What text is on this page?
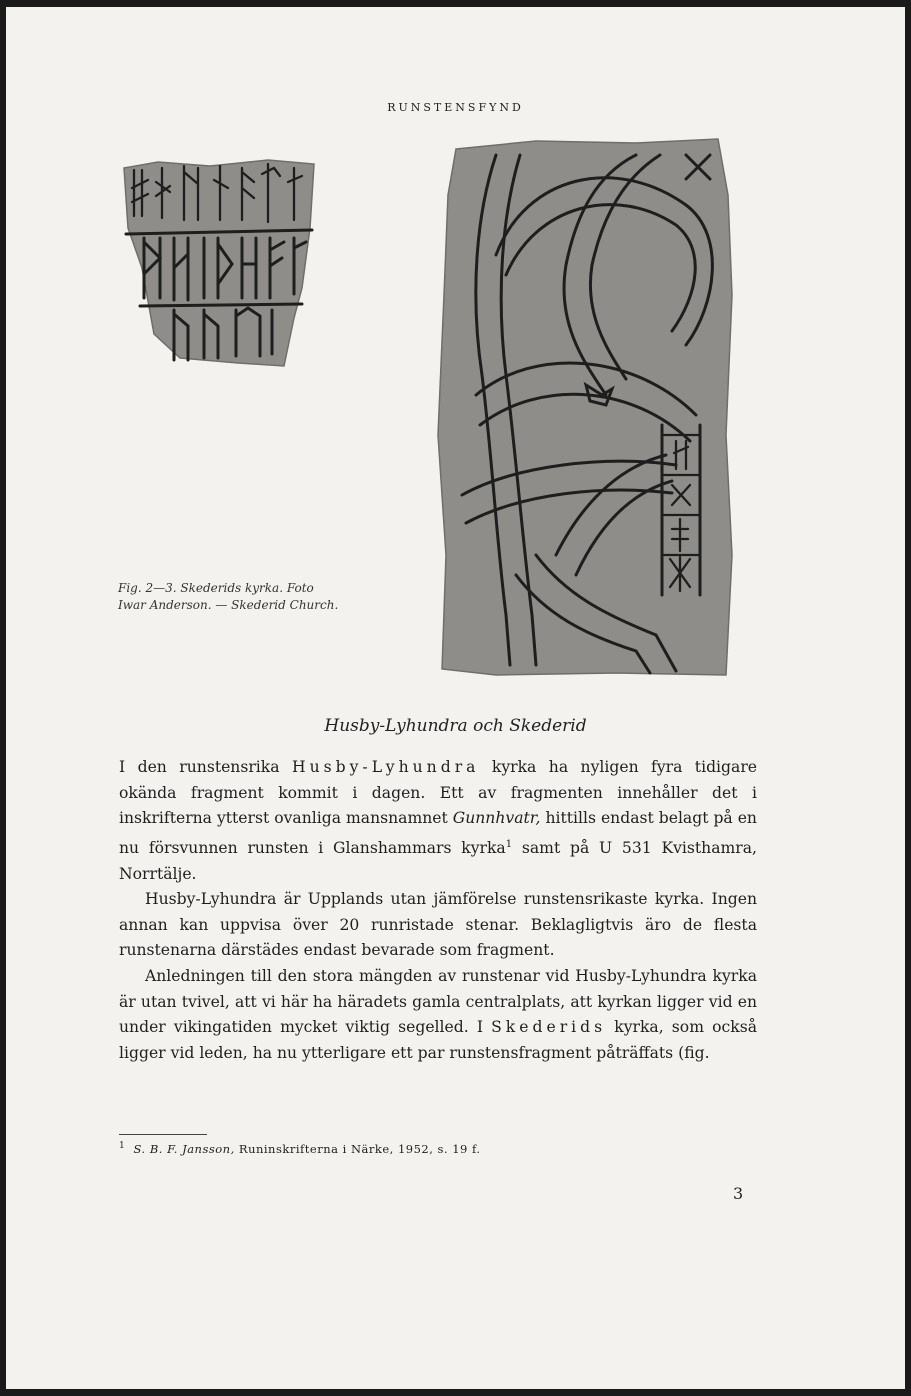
RUNSTENSFYND
Fig. 2—3. Skederids kyrka. Foto
Iwar Anderson. — Skederid Church.
Husby-Lyhundra och Skederid

I den runstensrika Husby-Lyhundra kyrka ha nyligen fyra tidigare okända fragment kommit i dagen. Ett av fragmenten innehåller det i inskrifterna ytterst ovanliga mansnamnet Gunnhvatr, hittills endast belagt på en nu försvunnen runsten i Glanshammars kyrka$^1$ samt på U 531 Kvisthamra, Norrtälje.

Husby-Lyhundra är Upplands utan jämförelse runstensrikaste kyrka. Ingen annan kan uppvisa över 20 runristade stenar. Beklagligtvis äro de flesta runstenarna därstädes endast bevarade som fragment.

Anledningen till den stora mängden av runstenar vid Husby-Lyhundra kyrka är utan tvivel, att vi här ha häradets gamla centralplats, att kyrkan ligger vid en under vikingatiden mycket viktig segelled. I Skederids kyrka, som också ligger vid leden, ha nu ytterligare ett par runstensfragment påträffats (fig.

$^1$ S. B. F. Jansson, Runinskrifterna i Närke, 1952, s. 19 f.
3
